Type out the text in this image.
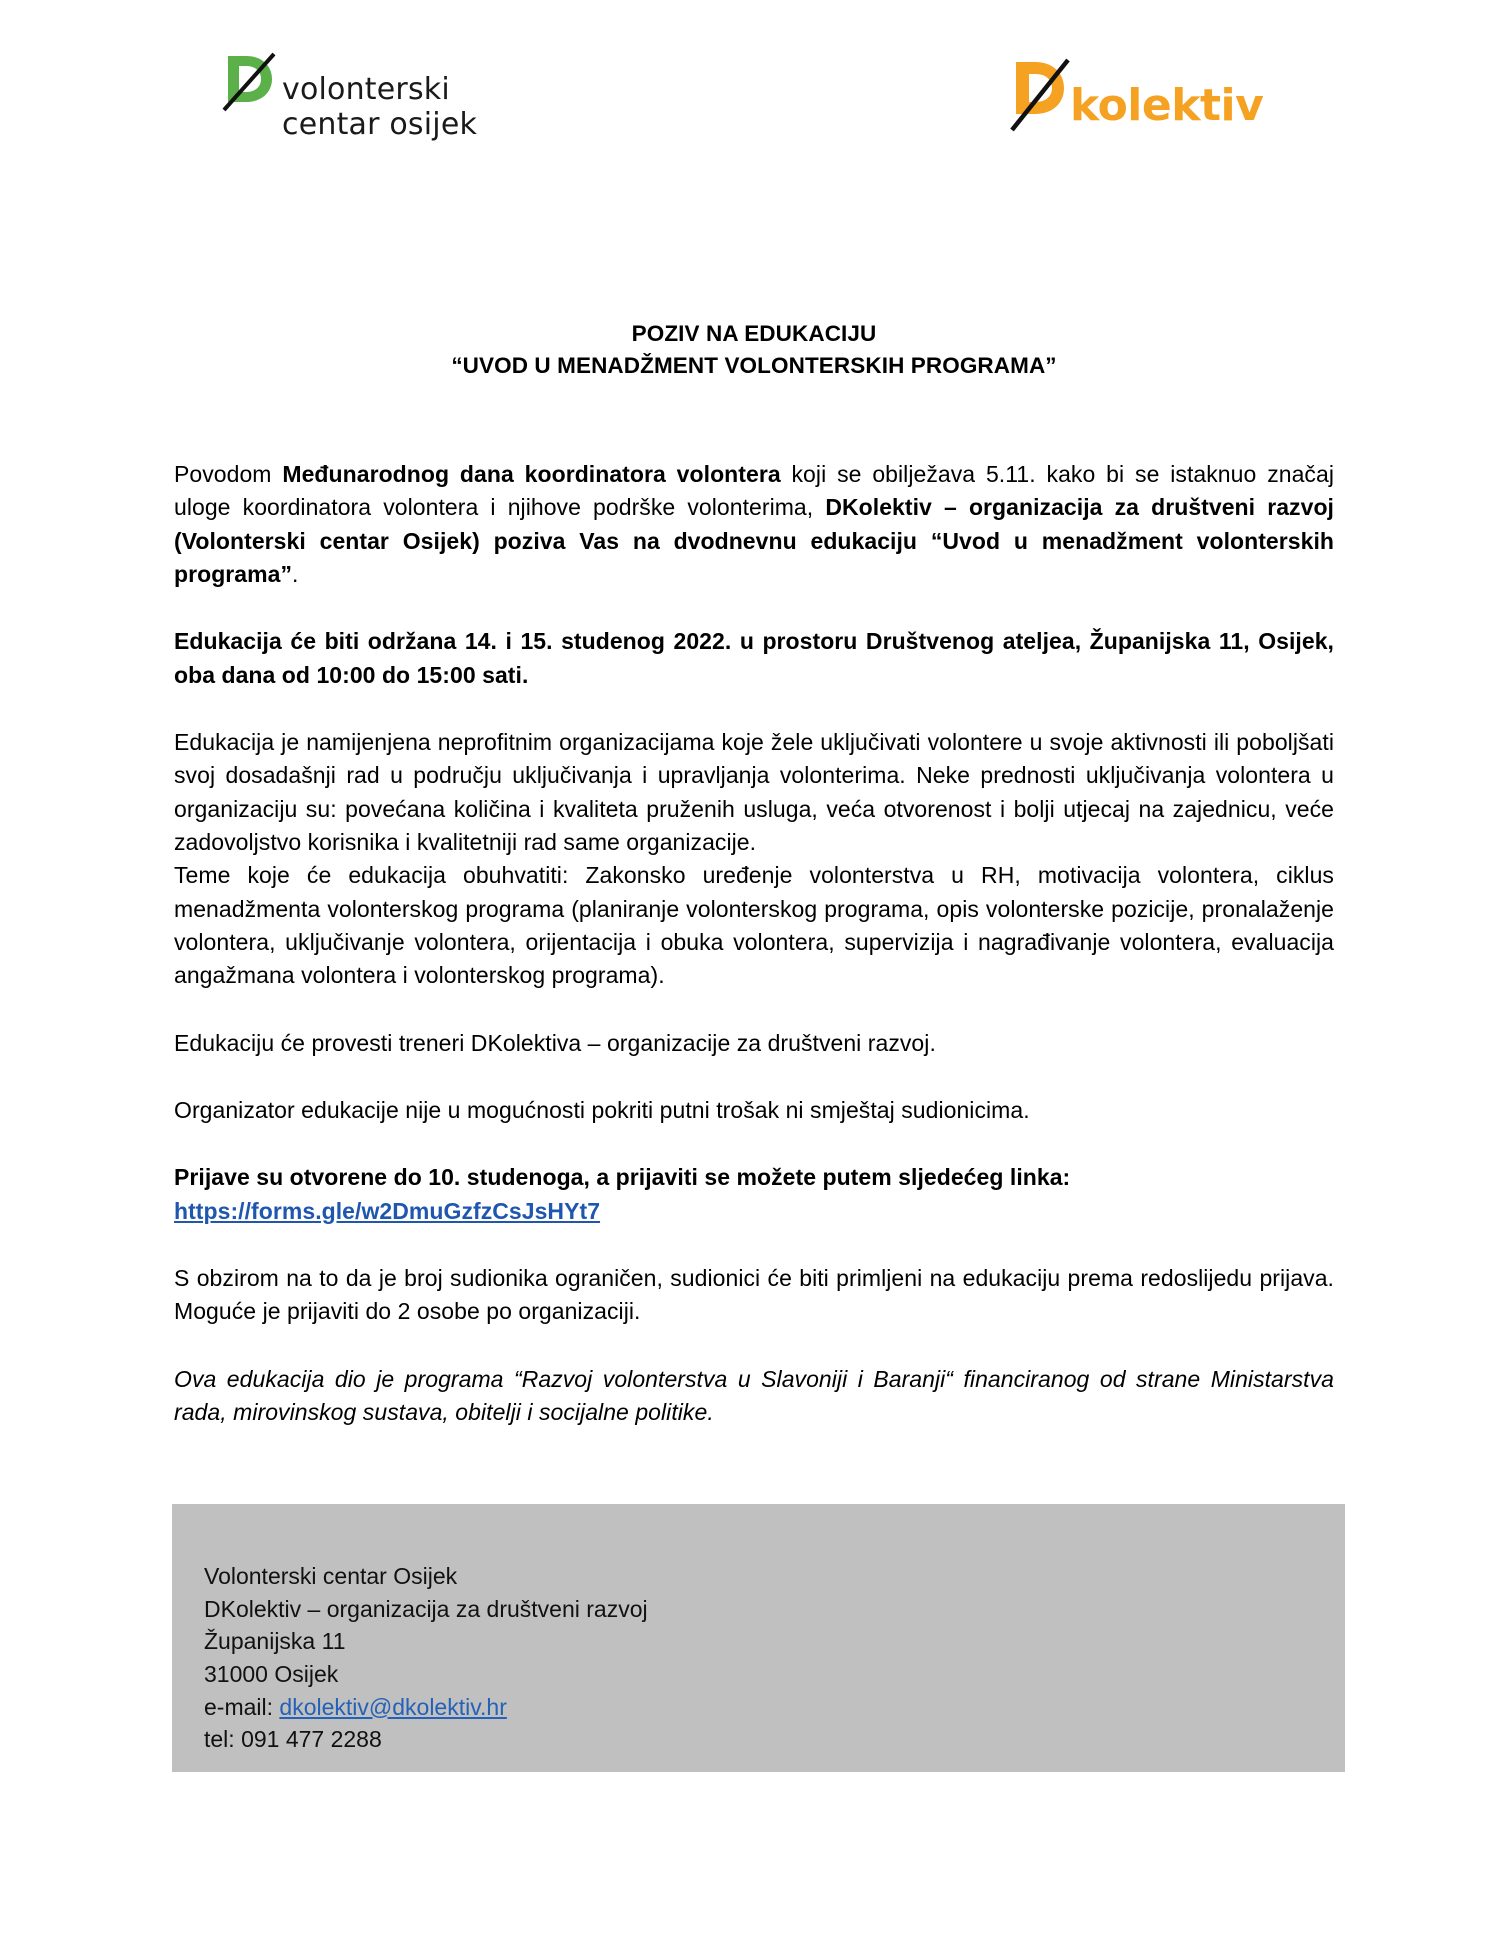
volonterski
centar osijek	kolektiv
POZIV NA EDUKACIJU
“UVOD U MENADŽMENT VOLONTERSKIH PROGRAMA”

Povodom Međunarodnog dana koordinatora volontera koji se obilježava 5.11. kako bi se istaknuo značaj uloge koordinatora volontera i njihove podrške volonterima, DKolektiv – organizacija za društveni razvoj (Volonterski centar Osijek) poziva Vas na dvodnevnu edukaciju “Uvod u menadžment volonterskih programa”.

Edukacija će biti održana 14. i 15. studenog 2022. u prostoru Društvenog ateljea, Županijska 11, Osijek, oba dana od 10:00 do 15:00 sati.

Edukacija je namijenjena neprofitnim organizacijama koje žele uključivati volontere u svoje aktivnosti ili poboljšati svoj dosadašnji rad u području uključivanja i upravljanja volonterima. Neke prednosti uključivanja volontera u organizaciju su: povećana količina i kvaliteta pruženih usluga, veća otvorenost i bolji utjecaj na zajednicu, veće zadovoljstvo korisnika i kvalitetniji rad same organizacije.

Teme koje će edukacija obuhvatiti: Zakonsko uređenje volonterstva u RH, motivacija volontera, ciklus menadžmenta volonterskog programa (planiranje volonterskog programa, opis volonterske pozicije, pronalaženje volontera, uključivanje volontera, orijentacija i obuka volontera, supervizija i nagrađivanje volontera, evaluacija angažmana volontera i volonterskog programa).

Edukaciju će provesti treneri DKolektiva – organizacije za društveni razvoj.

Organizator edukacije nije u mogućnosti pokriti putni trošak ni smještaj sudionicima.

Prijave su otvorene do 10. studenoga, a prijaviti se možete putem sljedećeg linka:

https://forms.gle/w2DmuGzfzCsJsHYt7

S obzirom na to da je broj sudionika ograničen, sudionici će biti primljeni na edukaciju prema redoslijedu prijava. Moguće je prijaviti do 2 osobe po organizaciji.

Ova edukacija dio je programa “Razvoj volonterstva u Slavoniji i Baranji“ financiranog od strane Ministarstva rada, mirovinskog sustava, obitelji i socijalne politike.

Volonterski centar Osijek
DKolektiv – organizacija za društveni razvoj
Županijska 11
31000 Osijek
e-mail: dkolektiv@dkolektiv.hr
tel: 091 477 2288
